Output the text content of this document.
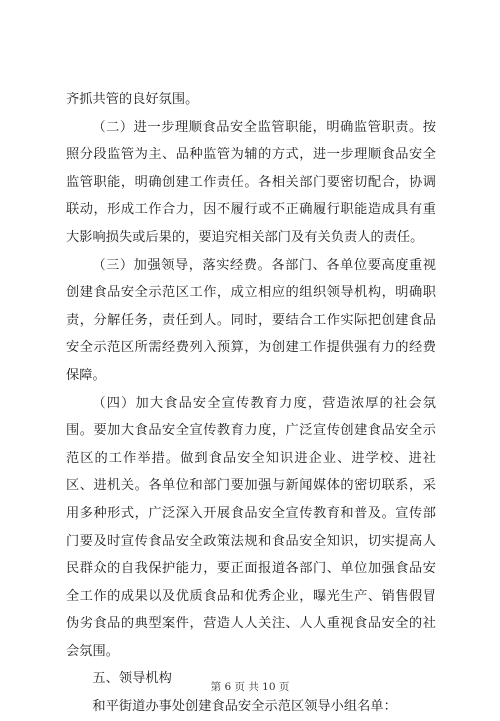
齐抓共管的良好氛围。

（二）进一步理顺食品安全监管职能，明确监管职责。按照分段监管为主、品种监管为辅的方式，进一步理顺食品安全监管职能，明确创建工作责任。各相关部门要密切配合，协调联动，形成工作合力，因不履行或不正确履行职能造成具有重大影响损失或后果的，要追究相关部门及有关负责人的责任。

（三）加强领导，落实经费。各部门、各单位要高度重视创建食品安全示范区工作，成立相应的组织领导机构，明确职责，分解任务，责任到人。同时，要结合工作实际把创建食品安全示范区所需经费列入预算，为创建工作提供强有力的经费保障。

（四）加大食品安全宣传教育力度，营造浓厚的社会氛围。要加大食品安全宣传教育力度，广泛宣传创建食品安全示范区的工作举措。做到食品安全知识进企业、进学校、进社区、进机关。各单位和部门要加强与新闻媒体的密切联系，采用多种形式，广泛深入开展食品安全宣传教育和普及。宣传部门要及时宣传食品安全政策法规和食品安全知识，切实提高人民群众的自我保护能力，要正面报道各部门、单位加强食品安全工作的成果以及优质食品和优秀企业，曝光生产、销售假冒伪劣食品的典型案件，营造人人关注、人人重视食品安全的社会氛围。

五、领导机构

和平街道办事处创建食品安全示范区领导小组名单：

第 6 页 共 10 页
